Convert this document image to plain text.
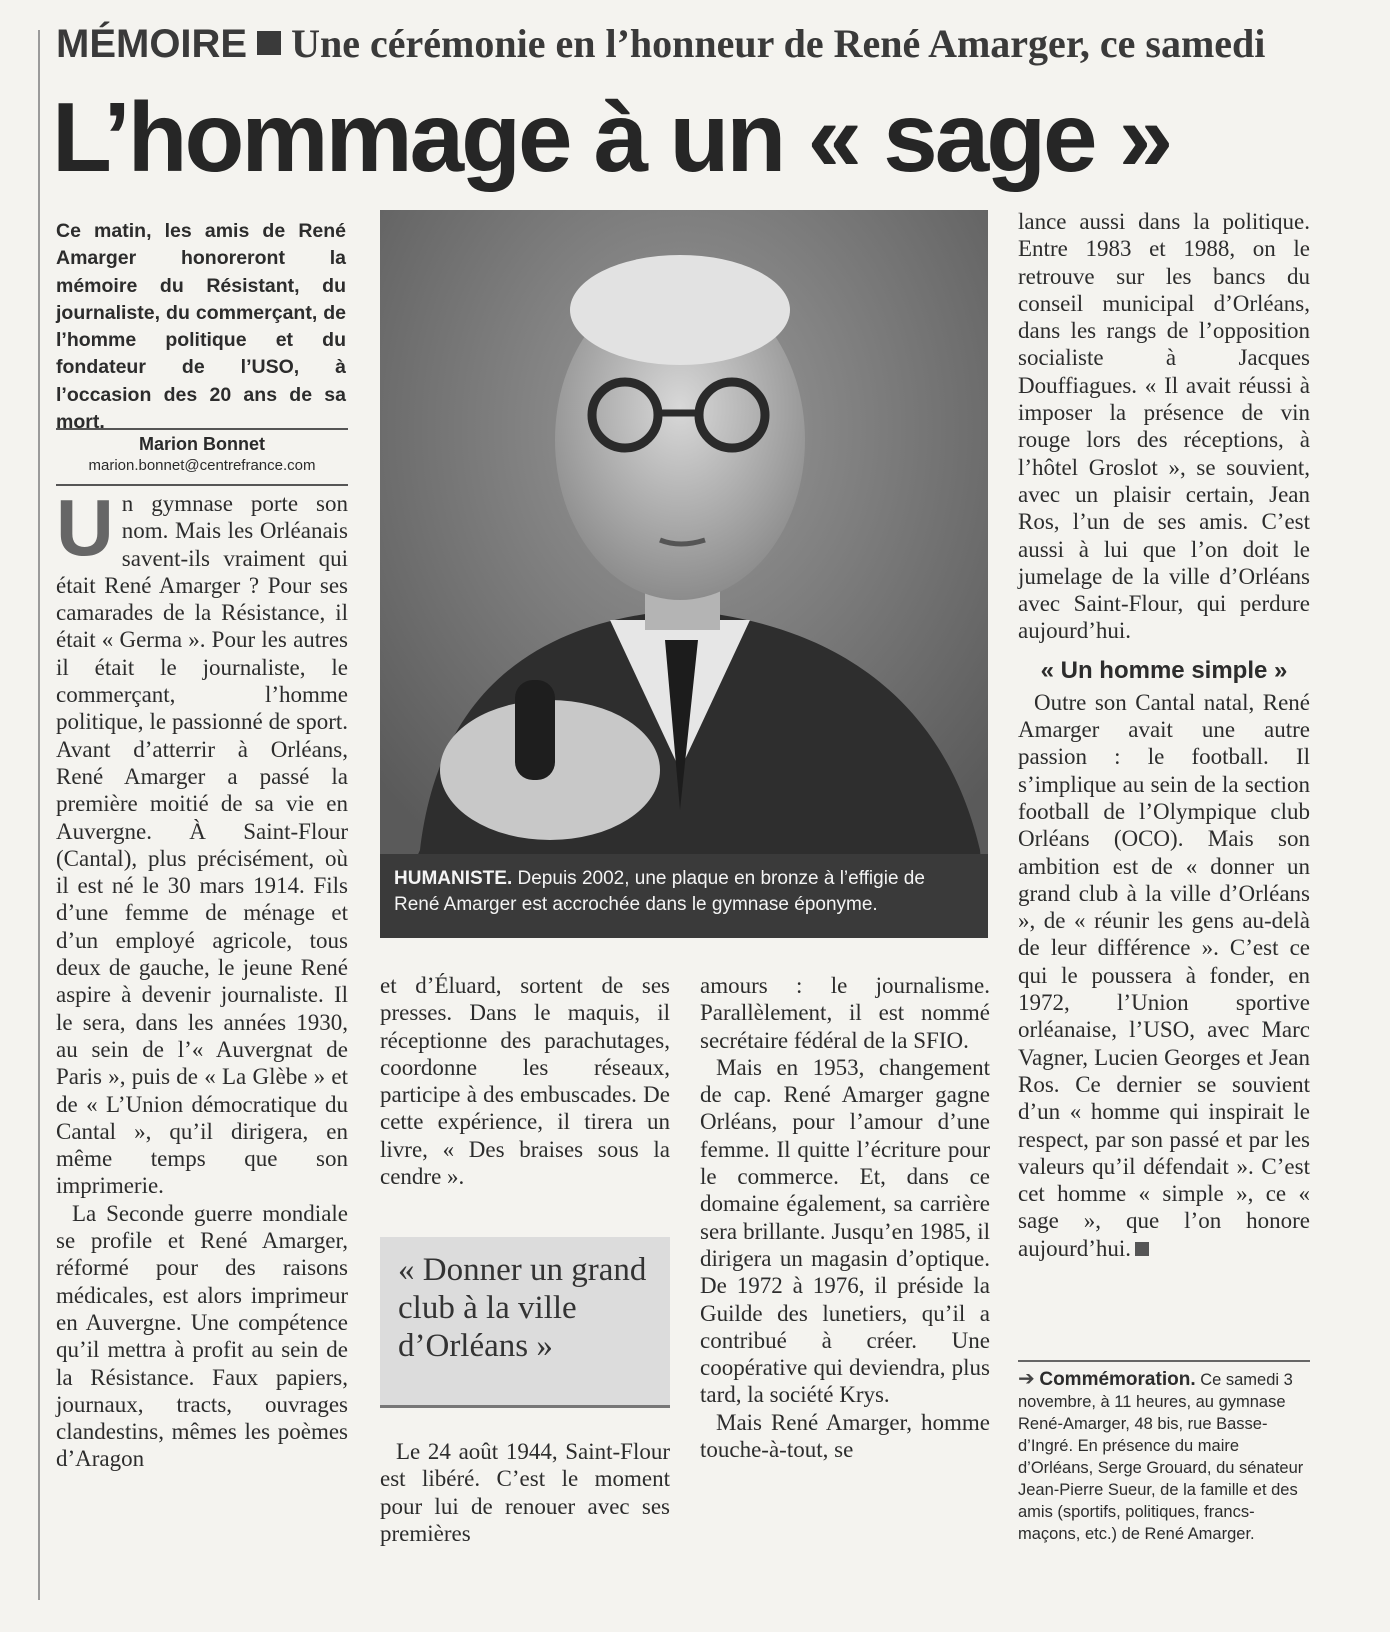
MÉMOIRE Une cérémonie en l’honneur de René Amarger, ce samedi
L’hommage à un « sage »
Ce matin, les amis de René Amarger honoreront la mémoire du Résistant, du journaliste, du commerçant, de l’homme politique et du fondateur de l’USO, à l’occasion des 20 ans de sa mort.
Marion Bonnet
marion.bonnet@centrefrance.com

Un gymnase porte son nom. Mais les Orléanais savent-ils vraiment qui était René Amarger ? Pour ses camarades de la Résistance, il était « Germa ». Pour les autres il était le journaliste, le commerçant, l’homme politique, le passionné de sport. Avant d’atterrir à Orléans, René Amarger a passé la première moitié de sa vie en Auvergne. À Saint-Flour (Cantal), plus précisément, où il est né le 30 mars 1914. Fils d’une femme de ménage et d’un employé agricole, tous deux de gauche, le jeune René aspire à devenir journaliste. Il le sera, dans les années 1930, au sein de l’« Auvergnat de Paris », puis de « La Glèbe » et de « L’Union démocratique du Cantal », qu’il dirigera, en même temps que son imprimerie.

La Seconde guerre mondiale se profile et René Amarger, réformé pour des raisons médicales, est alors imprimeur en Auvergne. Une compétence qu’il mettra à profit au sein de la Résistance. Faux papiers, journaux, tracts, ouvrages clandestins, mêmes les poèmes d’Aragon

HUMANISTE. Depuis 2002, une plaque en bronze à l’effigie de René Amarger est accrochée dans le gymnase éponyme.

et d’Éluard, sortent de ses presses. Dans le maquis, il réceptionne des parachutages, coordonne les réseaux, participe à des embuscades. De cette expérience, il tirera un livre, « Des braises sous la cendre ».

« Donner un grand club à la ville d’Orléans »

Le 24 août 1944, Saint-Flour est libéré. C’est le moment pour lui de renouer avec ses premières

amours : le journalisme. Parallèlement, il est nommé secrétaire fédéral de la SFIO.

Mais en 1953, changement de cap. René Amarger gagne Orléans, pour l’amour d’une femme. Il quitte l’écriture pour le commerce. Et, dans ce domaine également, sa carrière sera brillante. Jusqu’en 1985, il dirigera un magasin d’optique. De 1972 à 1976, il préside la Guilde des lunetiers, qu’il a contribué à créer. Une coopérative qui deviendra, plus tard, la société Krys.

Mais René Amarger, homme touche-à-tout, se

lance aussi dans la politique. Entre 1983 et 1988, on le retrouve sur les bancs du conseil municipal d’Orléans, dans les rangs de l’opposition socialiste à Jacques Douffiagues. « Il avait réussi à imposer la présence de vin rouge lors des réceptions, à l’hôtel Groslot », se souvient, avec un plaisir certain, Jean Ros, l’un de ses amis. C’est aussi à lui que l’on doit le jumelage de la ville d’Orléans avec Saint-Flour, qui perdure aujourd’hui.

« Un homme simple »

Outre son Cantal natal, René Amarger avait une autre passion : le football. Il s’implique au sein de la section football de l’Olympique club Orléans (OCO). Mais son ambition est de « donner un grand club à la ville d’Orléans », de « réunir les gens au-delà de leur différence ». C’est ce qui le poussera à fonder, en 1972, l’Union sportive orléanaise, l’USO, avec Marc Vagner, Lucien Georges et Jean Ros. Ce dernier se souvient d’un « homme qui inspirait le respect, par son passé et par les valeurs qu’il défendait ». C’est cet homme « simple », ce « sage », que l’on honore aujourd’hui.

➔ Commémoration. Ce samedi 3 novembre, à 11 heures, au gymnase René-Amarger, 48 bis, rue Basse-d’Ingré. En présence du maire d’Orléans, Serge Grouard, du sénateur Jean-Pierre Sueur, de la famille et des amis (sportifs, politiques, francs-maçons, etc.) de René Amarger.
